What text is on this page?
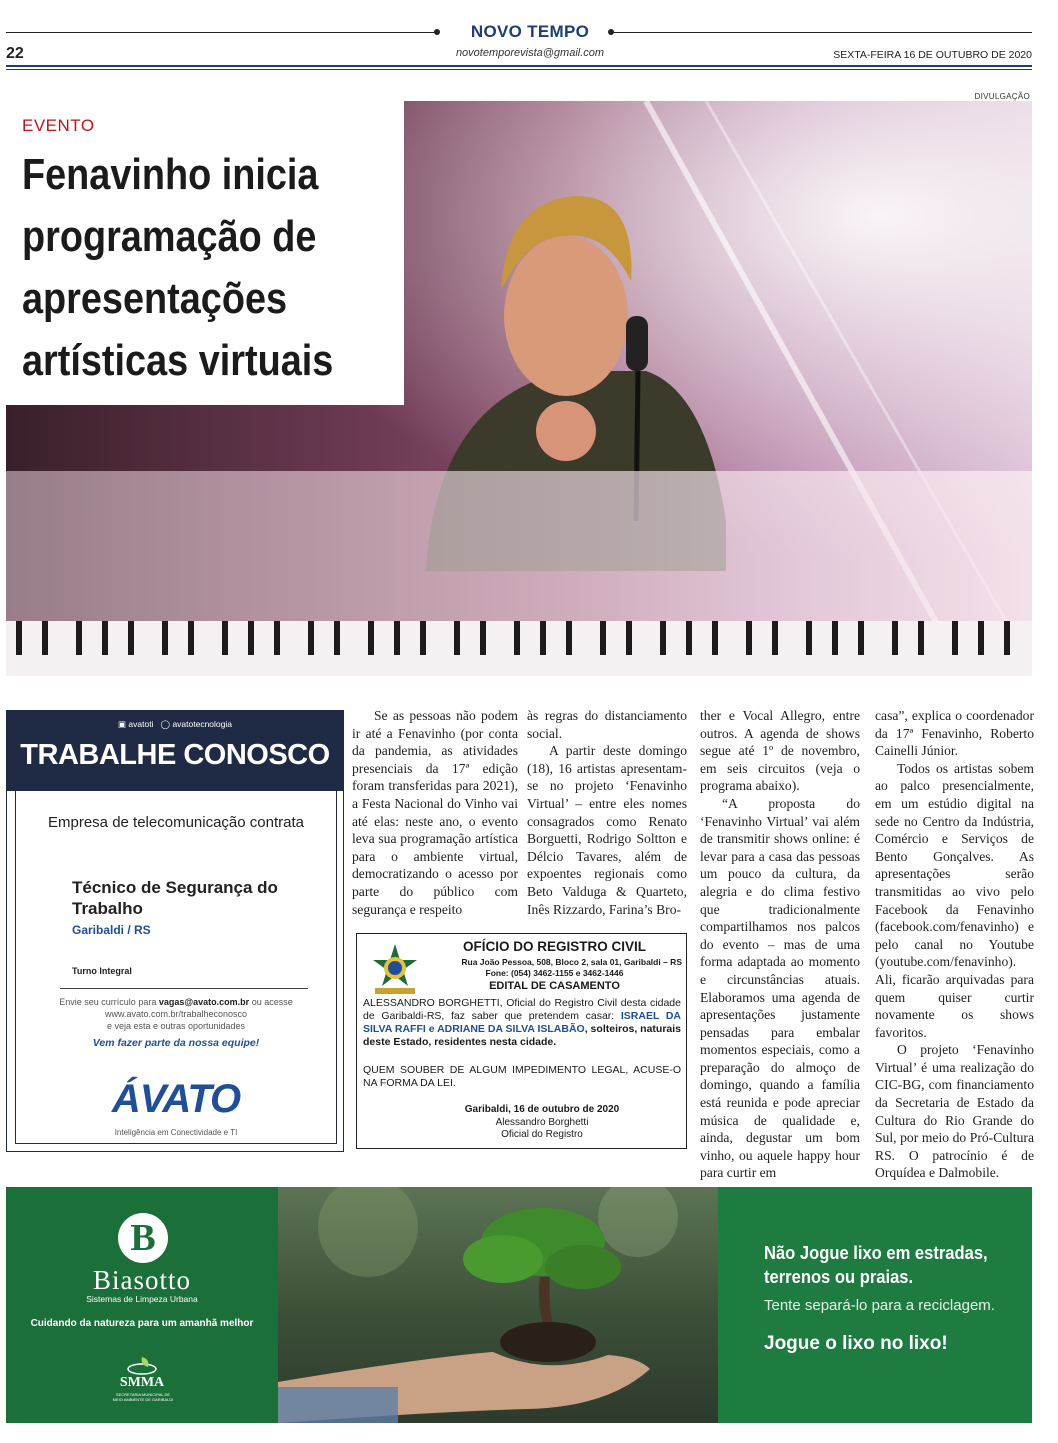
NOVO TEMPO
22	novotemporevista@gmail.com	SEXTA-FEIRA 16 DE OUTUBRO DE 2020
DIVULGAÇÃO
EVENTO
Fenavinho inicia programação de apresentações artísticas virtuais
▣ avatoti ◯ avatotecnologia
TRABALHE CONOSCO
Empresa de telecomunicação contrata
Técnico de Segurança do Trabalho
Garibaldi / RS
Turno Integral
Envie seu currículo para vagas@avato.com.br ou acesse
www.avato.com.br/trabalheconosco
e veja esta e outras oportunidades
Vem fazer parte da nossa equipe!
ÁVATO
Inteligência em Conectividade e TI

Se as pessoas não podem ir até a Fenavinho (por conta da pandemia, as atividades presenciais da 17ª edição foram transferidas para 2021), a Festa Nacional do Vinho vai até elas: neste ano, o evento leva sua programação artística para o ambiente virtual, democratizando o acesso por parte do público com segurança e respeito

às regras do distanciamento social.

A partir deste domingo (18), 16 artistas apresentam-se no projeto ‘Fenavinho Virtual’ – entre eles nomes consagrados como Renato Borguetti, Rodrigo Soltton e Délcio Tavares, além de expoentes regionais como Beto Valduga & Quarteto, Inês Rizzardo, Farina’s Bro-

ther e Vocal Allegro, entre outros. A agenda de shows segue até 1º de novembro, em seis circuitos (veja o programa abaixo).

“A proposta do ‘Fenavinho Virtual’ vai além de transmitir shows online: é levar para a casa das pessoas um pouco da cultura, da alegria e do clima festivo que tradicionalmente compartilhamos nos palcos do evento – mas de uma forma adaptada ao momento e circunstâncias atuais. Elaboramos uma agenda de apresentações justamente pensadas para embalar momentos especiais, como a preparação do almoço de domingo, quando a família está reunida e pode apreciar música de qualidade e, ainda, degustar um bom vinho, ou aquele happy hour para curtir em

casa”, explica o coordenador da 17ª Fenavinho, Roberto Cainelli Júnior.

Todos os artistas sobem ao palco presencialmente, em um estúdio digital na sede no Centro da Indústria, Comércio e Serviços de Bento Gonçalves. As apresentações serão transmitidas ao vivo pelo Facebook da Fenavinho (facebook.com/fenavinho) e pelo canal no Youtube (youtube.com/fenavinho). Ali, ficarão arquivadas para quem quiser curtir novamente os shows favoritos.

O projeto ‘Fenavinho Virtual’ é uma realização do CIC-BG, com financiamento da Secretaria de Estado da Cultura do Rio Grande do Sul, por meio do Pró-Cultura RS. O patrocínio é de Orquídea e Dalmobile.

OFÍCIO DO REGISTRO CIVIL
Rua João Pessoa, 508, Bloco 2, sala 01, Garibaldi – RS
Fone: (054) 3462-1155 e 3462-1446
EDITAL DE CASAMENTO
ALESSANDRO BORGHETTI, Oficial do Registro Civil desta cidade de Garibaldi-RS, faz saber que pretendem casar: ISRAEL DA SILVA RAFFI e ADRIANE DA SILVA ISLABÃO, solteiros, naturais deste Estado, residentes nesta cidade.
QUEM SOUBER DE ALGUM IMPEDIMENTO LEGAL, ACUSE-O NA FORMA DA LEI.
Garibaldi, 16 de outubro de 2020
Alessandro Borghetti
Oficial do Registro
B
Biasotto
Sistemas de Limpeza Urbana
Cuidando da natureza para um amanhã melhor
SMMA
SECRETARIA MUNICIPAL DE MEIO AMBIENTE DE GARIBALDI
Não Jogue lixo em estradas, terrenos ou praias.
Tente separá-lo para a reciclagem.
Jogue o lixo no lixo!
